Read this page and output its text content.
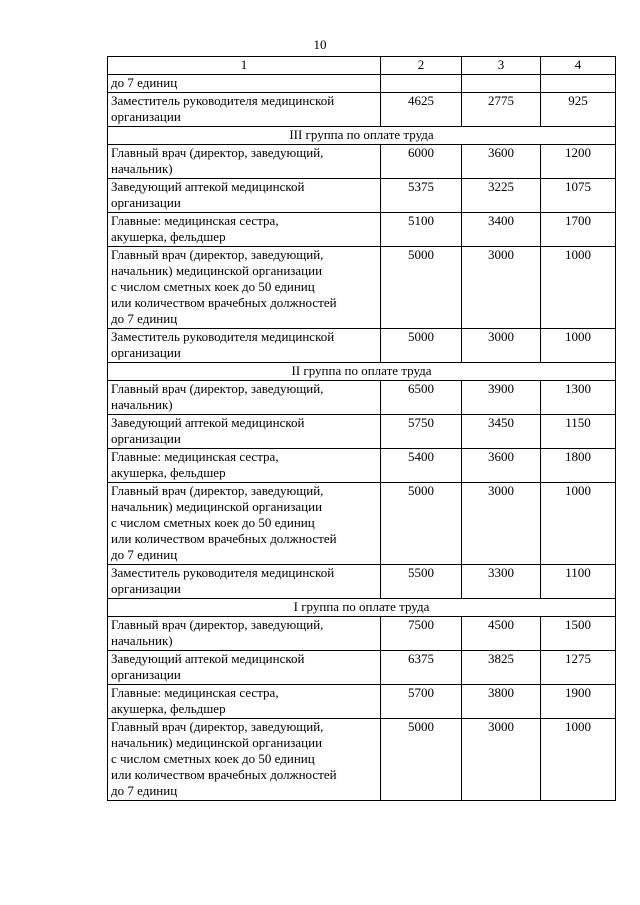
10
1	2	3	4
до 7 единиц			
Заместитель руководителя медицинской
организации	4625	2775	925
III группа по оплате труда			
Главный врач (директор, заведующий,
начальник)	6000	3600	1200
Заведующий аптекой медицинской
организации	5375	3225	1075
Главные: медицинская сестра,
акушерка, фельдшер	5100	3400	1700
Главный врач (директор, заведующий,
начальник) медицинской организации
с числом сметных коек до 50 единиц
или количеством врачебных должностей
до 7 единиц	5000	3000	1000
Заместитель руководителя медицинской
организации	5000	3000	1000
II группа по оплате труда			
Главный врач (директор, заведующий,
начальник)	6500	3900	1300
Заведующий аптекой медицинской
организации	5750	3450	1150
Главные: медицинская сестра,
акушерка, фельдшер	5400	3600	1800
Главный врач (директор, заведующий,
начальник) медицинской организации
с числом сметных коек до 50 единиц
или количеством врачебных должностей
до 7 единиц	5000	3000	1000
Заместитель руководителя медицинской
организации	5500	3300	1100
I группа по оплате труда			
Главный врач (директор, заведующий,
начальник)	7500	4500	1500
Заведующий аптекой медицинской
организации	6375	3825	1275
Главные: медицинская сестра,
акушерка, фельдшер	5700	3800	1900
Главный врач (директор, заведующий,
начальник) медицинской организации
с числом сметных коек до 50 единиц
или количеством врачебных должностей
до 7 единиц	5000	3000	1000
